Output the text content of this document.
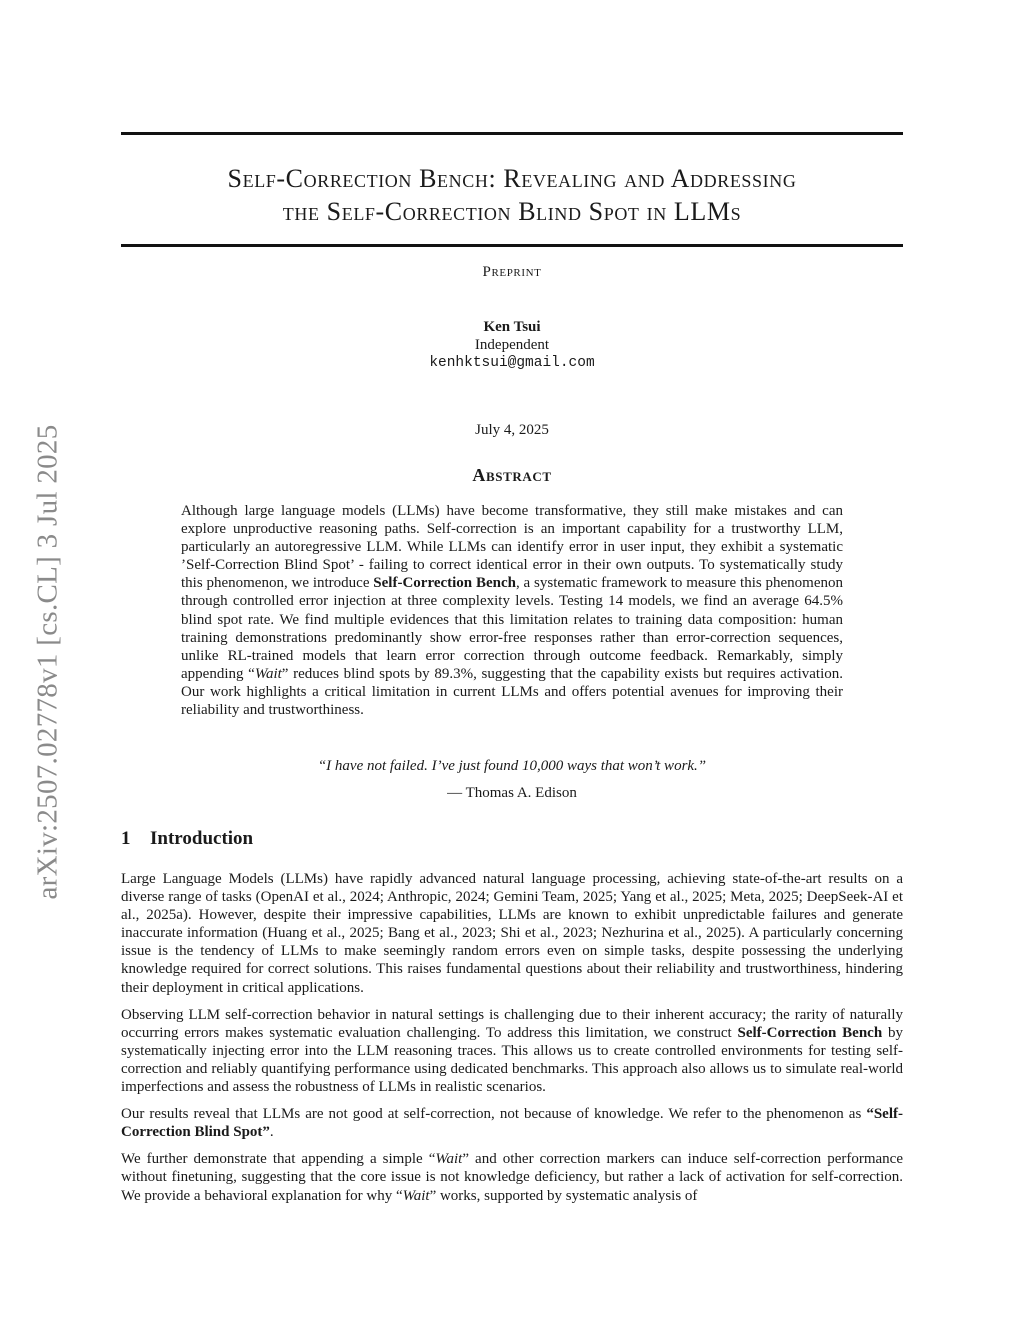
arXiv:2507.02778v1 [cs.CL] 3 Jul 2025
Self-Correction Bench: Revealing and Addressing
the Self-Correction Blind Spot in LLMs
Preprint
Ken Tsui
Independent
kenhktsui@gmail.com
July 4, 2025
Abstract
Although large language models (LLMs) have become transformative, they still make mistakes and can explore unproductive reasoning paths. Self-correction is an important capability for a trustworthy LLM, particularly an autoregressive LLM. While LLMs can identify error in user input, they exhibit a systematic ’Self-Correction Blind Spot’ - failing to correct identical error in their own outputs. To systematically study this phenomenon, we introduce Self-Correction Bench, a systematic framework to measure this phenomenon through controlled error injection at three complexity levels. Testing 14 models, we find an average 64.5% blind spot rate. We find multiple evidences that this limitation relates to training data composition: human training demonstrations predominantly show error-free responses rather than error-correction sequences, unlike RL-trained models that learn error correction through outcome feedback. Remarkably, simply appending “Wait” reduces blind spots by 89.3%, suggesting that the capability exists but requires activation. Our work highlights a critical limitation in current LLMs and offers potential avenues for improving their reliability and trustworthiness.
“I have not failed. I’ve just found 10,000 ways that won’t work.”
— Thomas A. Edison
1 Introduction

Large Language Models (LLMs) have rapidly advanced natural language processing, achieving state-of-the-art results on a diverse range of tasks (OpenAI et al., 2024; Anthropic, 2024; Gemini Team, 2025; Yang et al., 2025; Meta, 2025; DeepSeek-AI et al., 2025a). However, despite their impressive capabilities, LLMs are known to exhibit unpredictable failures and generate inaccurate information (Huang et al., 2025; Bang et al., 2023; Shi et al., 2023; Nezhurina et al., 2025). A particularly concerning issue is the tendency of LLMs to make seemingly random errors even on simple tasks, despite possessing the underlying knowledge required for correct solutions. This raises fundamental questions about their reliability and trustworthiness, hindering their deployment in critical applications.

Observing LLM self-correction behavior in natural settings is challenging due to their inherent accuracy; the rarity of naturally occurring errors makes systematic evaluation challenging. To address this limitation, we construct Self-Correction Bench by systematically injecting error into the LLM reasoning traces. This allows us to create controlled environments for testing self-correction and reliably quantifying performance using dedicated benchmarks. This approach also allows us to simulate real-world imperfections and assess the robustness of LLMs in realistic scenarios.

Our results reveal that LLMs are not good at self-correction, not because of knowledge. We refer to the phenomenon as “Self-Correction Blind Spot”.

We further demonstrate that appending a simple “Wait” and other correction markers can induce self-correction performance without finetuning, suggesting that the core issue is not knowledge deficiency, but rather a lack of activation for self-correction. We provide a behavioral explanation for why “Wait” works, supported by systematic analysis of
